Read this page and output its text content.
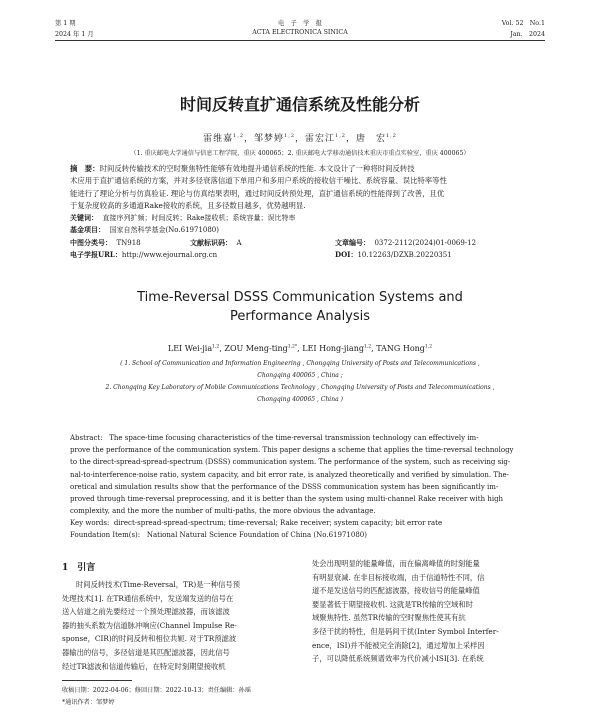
第 1 期
2024 年 1 月
电　子　学　报
ACTA ELECTRONICA SINICA
Vol. 52　No.1
Jan.　2024
时间反转直扩通信系统及性能分析
雷维嘉$^{1,2}$，邹梦婷$^{1,2}$，雷宏江$^{1,2}$，唐　宏$^{1,2}$
（1. 重庆邮电大学通信与信息工程学院，重庆 400065；2. 重庆邮电大学移动通信技术重庆市重点实验室，重庆 400065）
摘　要：时间反转传输技术的空时聚焦特性能够有效地提升通信系统的性能. 本文设计了一种将时间反转技
术应用于直扩通信系统的方案，并对多径衰落信道下单用户和多用户系统的接收信干噪比、系统容量、误比特率等性
能进行了理论分析与仿真验证. 理论与仿真结果表明，通过时间反转预处理，直扩通信系统的性能得到了改善，且优
于复杂度较高的多通道Rake接收的系统，且多径数目越多，优势越明显.
关键词： 直接序列扩频；时间反转；Rake接收机；系统容量；误比特率
基金项目： 国家自然科学基金(No.61971080)
中图分类号： TN918	文献标识码： A	文章编号： 0372-2112(2024)01-0069-12
电子学报URL：http://www.ejournal.org.cn	DOI：10.12263/DZXB.20220351
Time-Reversal DSSS Communication Systems and
Performance Analysis
LEI Wei-jia$^{1,2}$, ZOU Meng-ting$^{1,2*}$, LEI Hong-jiang$^{1,2}$, TANG Hong$^{1,2}$
( 1. School of Communication and Information Engineering , Chongqing University of Posts and Telecommunications ,
Chongqing 400065 , China ;
2. Chongqing Key Laboratory of Mobile Communications Technology , Chongqing University of Posts and Telecommunications ,
Chongqing 400065 , China )
Abstract: The space-time focusing characteristics of the time-reversal transmission technology can effectively im-
prove the performance of the communication system. This paper designs a scheme that applies the time-reversal technology
to the direct-spread-spread-spectrum (DSSS) communication system. The performance of the system, such as receiving sig-
nal-to-interference-noise ratio, system capacity, and bit error rate, is analyzed theoretically and verified by simulation. The-
oretical and simulation results show that the performance of the DSSS communication system has been significantly im-
proved through time-reversal preprocessing, and it is better than the system using multi-channel Rake receiver with high
complexity, and the more the number of multi-paths, the more obvious the advantage.
Key words: direct-spread-spread-spectrum; time-reversal; Rake receiver; system capacity; bit error rate
Foundation Item(s): National Natural Science Foundation of China (No.61971080)
1　引言
时间反转技术(Time-Reversal，TR)是一种信号预
处理技术[1]. 在TR通信系统中，发送端发送的信号在
送入信道之前先要经过一个预处理滤波器，而该滤波
器的抽头系数为信道脉冲响应(Channel Impulse Re-
sponse，CIR)的时间反转和相位共轭. 对于TR预滤波
器输出的信号，多径信道是其匹配滤波器，因此信号
经过TR滤波和信道传输后，在特定时刻期望接收机
处会出现明显的能量峰值，而在偏离峰值的时刻能量
有明显衰减. 在非目标接收端，由于信道特性不同，信
道不是发送信号的匹配滤波器，接收信号的能量峰值
要显著低于期望接收机. 这就是TR传输的空域和时
域聚焦特性. 虽然TR传输的空时聚焦性使其有抗
多径干扰的特性，但是码间干扰(Inter Symbol Interfer-
ence，ISI)并不能被完全消除[2]，通过增加上采样因
子，可以降低系统频谱效率为代价减小ISI[3]. 在系统
收稿日期：2022-04-06；修回日期：2022-10-13；责任编辑：孙瑶
*通讯作者：邹梦婷
